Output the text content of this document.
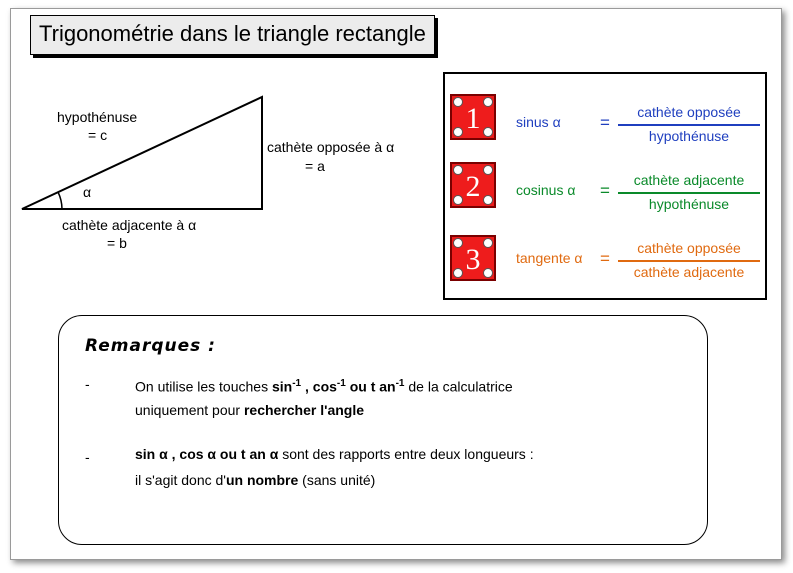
Trigonométrie dans le triangle rectangle
hypothénuse
= c
α
cathète opposée à α
= a
cathète adjacente à α
= b
1
2
3
sinus α =
cathète opposée
hypothénuse
cosinus α =
cathète adjacente
hypothénuse
tangente α =
cathète opposée
cathète adjacente
Remarques :
-	On utilise les touches $\sin^{-1}$ , $\cos^{-1}$ ou t $an^{-1}$ de la calculatrice
uniquement pour rechercher l'angle
-	sin α , cos α ou t an α sont des rapports entre deux longueurs :
il s'agit donc d'un nombre (sans unité)
